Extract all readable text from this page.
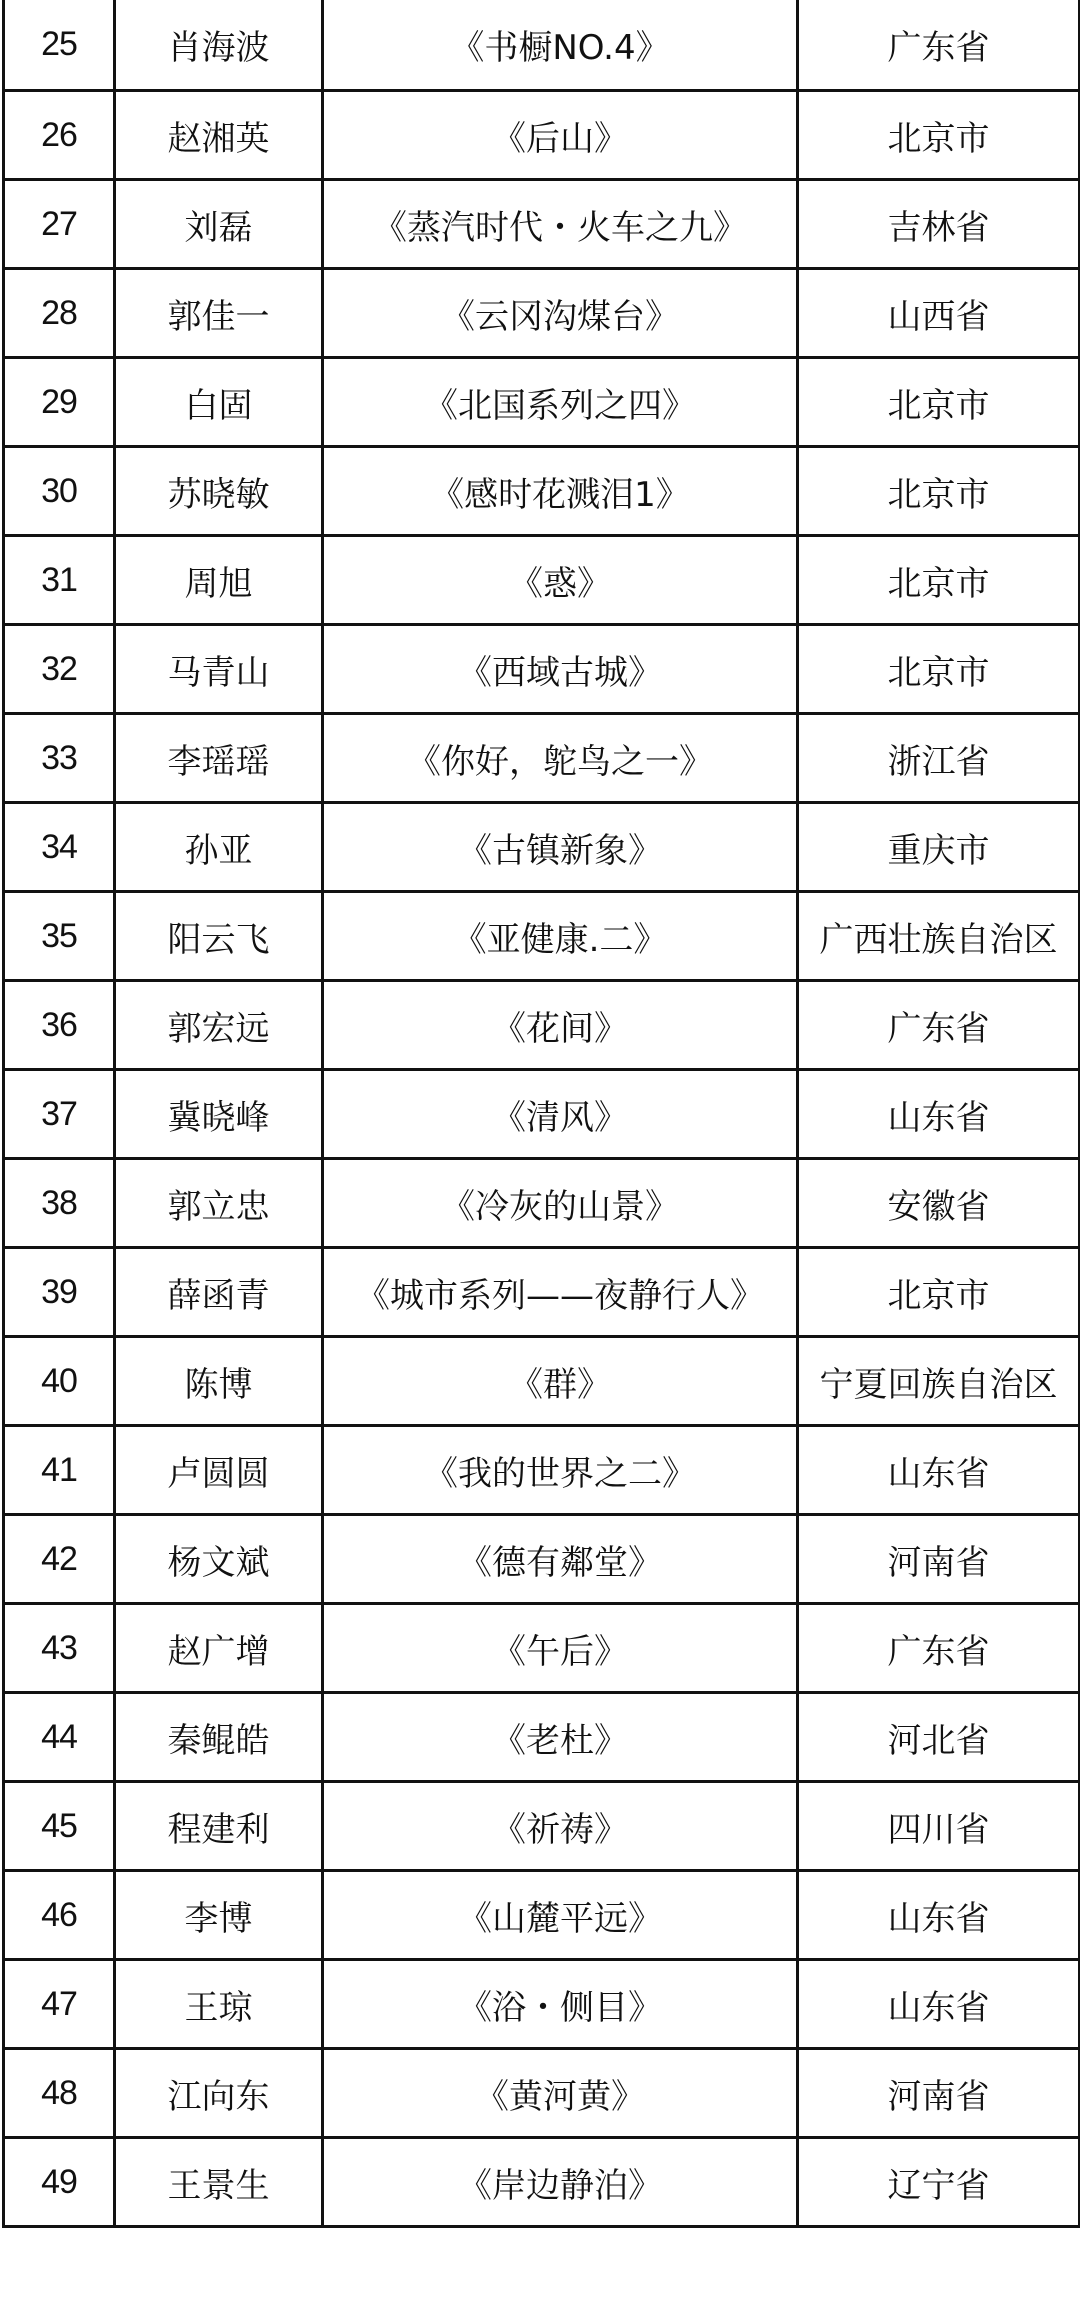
25	肖海波	《书橱NO.4》	广东省
26	赵湘英	《后山》	北京市
27	刘磊	《蒸汽时代・火车之九》	吉林省
28	郭佳一	《云冈沟煤台》	山西省
29	白固	《北国系列之四》	北京市
30	苏晓敏	《感时花溅泪1》	北京市
31	周旭	《惑》	北京市
32	马青山	《西域古城》	北京市
33	李瑶瑶	《你好，鸵鸟之一》	浙江省
34	孙亚	《古镇新象》	重庆市
35	阳云飞	《亚健康.二》	广西壮族自治区
36	郭宏远	《花间》	广东省
37	冀晓峰	《清风》	山东省
38	郭立忠	《冷灰的山景》	安徽省
39	薛函青	《城市系列——夜静行人》	北京市
40	陈博	《群》	宁夏回族自治区
41	卢圆圆	《我的世界之二》	山东省
42	杨文斌	《德有鄰堂》	河南省
43	赵广增	《午后》	广东省
44	秦鲲皓	《老杜》	河北省
45	程建利	《祈祷》	四川省
46	李博	《山麓平远》	山东省
47	王琼	《浴・侧目》	山东省
48	江向东	《黄河黄》	河南省
49	王景生	《岸边静泊》	辽宁省
